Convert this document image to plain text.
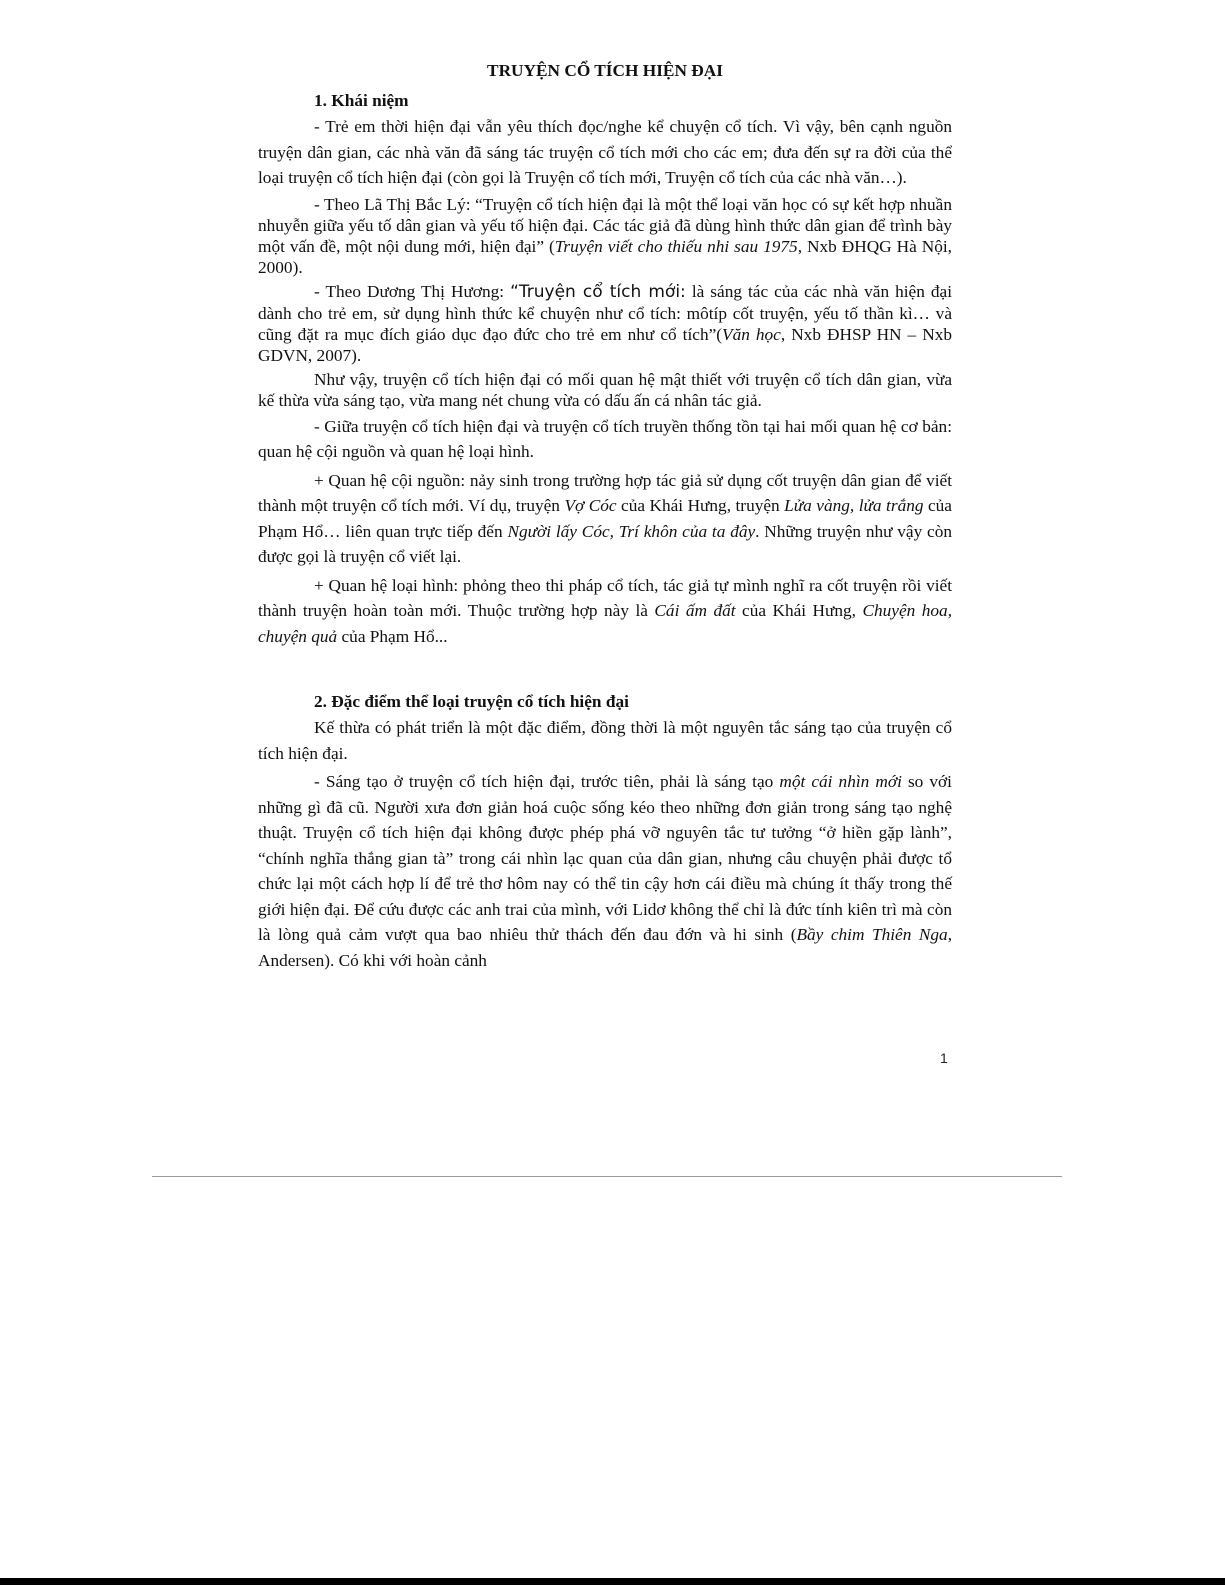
TRUYỆN CỔ TÍCH HIỆN ĐẠI
1. Khái niệm

- Trẻ em thời hiện đại vẫn yêu thích đọc/nghe kể chuyện cổ tích. Vì vậy, bên cạnh nguồn truyện dân gian, các nhà văn đã sáng tác truyện cổ tích mới cho các em; đưa đến sự ra đời của thể loại truyện cổ tích hiện đại (còn gọi là Truyện cổ tích mới, Truyện cổ tích của các nhà văn…).

- Theo Lã Thị Bắc Lý: “Truyện cổ tích hiện đại là một thể loại văn học có sự kết hợp nhuần nhuyễn giữa yếu tố dân gian và yếu tố hiện đại. Các tác giả đã dùng hình thức dân gian để trình bày một vấn đề, một nội dung mới, hiện đại” (Truyện viết cho thiếu nhi sau 1975, Nxb ĐHQG Hà Nội, 2000).

- Theo Dương Thị Hương: “Truyện cổ tích mới: là sáng tác của các nhà văn hiện đại dành cho trẻ em, sử dụng hình thức kể chuyện như cổ tích: môtíp cốt truyện, yếu tố thần kì… và cũng đặt ra mục đích giáo dục đạo đức cho trẻ em như cổ tích”(Văn học, Nxb ĐHSP HN – Nxb GDVN, 2007).

Như vậy, truyện cổ tích hiện đại có mối quan hệ mật thiết với truyện cổ tích dân gian, vừa kế thừa vừa sáng tạo, vừa mang nét chung vừa có dấu ấn cá nhân tác giả.

- Giữa truyện cổ tích hiện đại và truyện cổ tích truyền thống tồn tại hai mối quan hệ cơ bản: quan hệ cội nguồn và quan hệ loại hình.

+ Quan hệ cội nguồn: nảy sinh trong trường hợp tác giả sử dụng cốt truyện dân gian để viết thành một truyện cổ tích mới. Ví dụ, truyện Vợ Cóc của Khái Hưng, truyện Lửa vàng, lửa trắng của Phạm Hổ… liên quan trực tiếp đến Người lấy Cóc, Trí khôn của ta đây. Những truyện như vậy còn được gọi là truyện cổ viết lại.

+ Quan hệ loại hình: phỏng theo thi pháp cổ tích, tác giả tự mình nghĩ ra cốt truyện rồi viết thành truyện hoàn toàn mới. Thuộc trường hợp này là Cái ấm đất của Khái Hưng, Chuyện hoa, chuyện quả của Phạm Hổ...

2. Đặc điểm thể loại truyện cổ tích hiện đại

Kế thừa có phát triển là một đặc điểm, đồng thời là một nguyên tắc sáng tạo của truyện cổ tích hiện đại.

- Sáng tạo ở truyện cổ tích hiện đại, trước tiên, phải là sáng tạo một cái nhìn mới so với những gì đã cũ. Người xưa đơn giản hoá cuộc sống kéo theo những đơn giản trong sáng tạo nghệ thuật. Truyện cổ tích hiện đại không được phép phá vỡ nguyên tắc tư tưởng “ở hiền gặp lành”, “chính nghĩa thắng gian tà” trong cái nhìn lạc quan của dân gian, nhưng câu chuyện phải được tổ chức lại một cách hợp lí để trẻ thơ hôm nay có thể tin cậy hơn cái điều mà chúng ít thấy trong thế giới hiện đại. Để cứu được các anh trai của mình, với Lidơ không thể chỉ là đức tính kiên trì mà còn là lòng quả cảm vượt qua bao nhiêu thử thách đến đau đớn và hi sinh (Bầy chim Thiên Nga, Andersen). Có khi với hoàn cảnh

1
